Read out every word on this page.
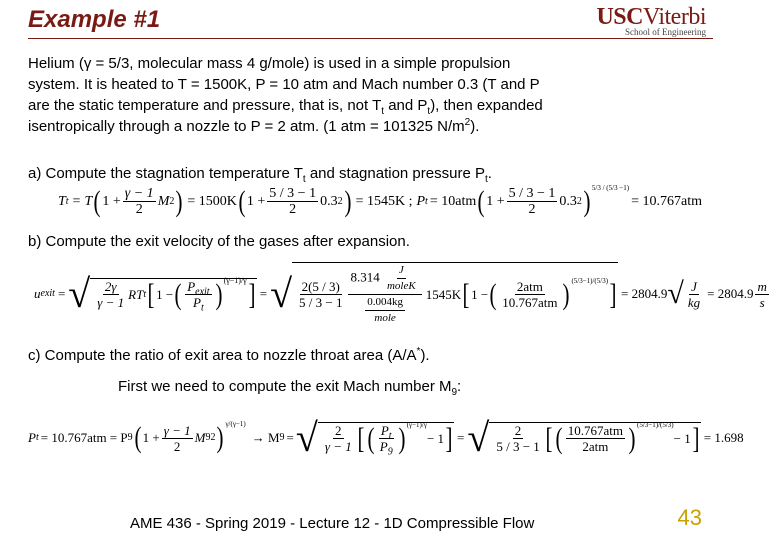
Example #1	USCViterbi
School of Engineering
Helium (γ = 5/3, molecular mass 4 g/mole) is used in a simple propulsion
system. It is heated to T = 1500K, P = 10 atm and Mach number 0.3 (T and P
are the static temperature and pressure, that is, not $T_t$ and $P_t$), then expanded
isentropically through a nozzle to P = 2 atm. (1 atm = 101325 $N/m^2$).
a) Compute the stagnation temperature $T_t$ and stagnation pressure $P_t$.
T t = T ( $1 + \frac{\gamma - 1}{2}$ M 2 ) = 1500K ( $1 + \frac{5 / 3 - 1}{2} 0.3$ 2 ) = 1545K ; P t = 10atm ( $1 + \frac{5 / 3 - 1}{2} 0.3$ 2 )$^{5/3 / (5/3 -1)}$
= 10.767atm
b) Compute the exit velocity of the gases after expansion.
u exit = √ $\frac{2\gamma}{\gamma - 1}$ RT t [ 1 − ( $\frac{P_{exit}}{P_t} )^{(\gamma-1)/\gamma}$ ] = √ $\frac{2(5 / 3)}{5 / 3 - 1} \frac{8.314 \frac{J}{\text{moleK}}}{\frac{0.004kg}{\text{mole}}} 1545K$ [ 1 − ( $\frac{\text{2atm}}{\text{10.767atm}} )^{(5/3-1)/(5/3)}$ ] = 2804.9 √ $\frac{J}{kg} = 2804.9 \frac{m}{s}$
c) Compute the ratio of exit area to nozzle throat area (A/A*).
First we need to compute the exit Mach number $M_9$:
P t = 10.767atm = P 9 ( $1 + \frac{\gamma - 1}{2}$ M 9 2 )$^{\gamma/(\gamma-1)}$
→ M 9 = √ $\frac{2}{\gamma - 1}$ [ ( $\frac{P_t}{P_9} )^{(\gamma-1)/\gamma}$
− 1 ] = √ $\frac{2}{5 / 3 - 1}$ [ ( $\frac{\text{10.767atm}}{\text{2atm}} )^{(5/3-1)/(5/3)}$
− 1 ] = 1.698
AME 436 - Spring 2019 - Lecture 12 - 1D Compressible Flow	43
